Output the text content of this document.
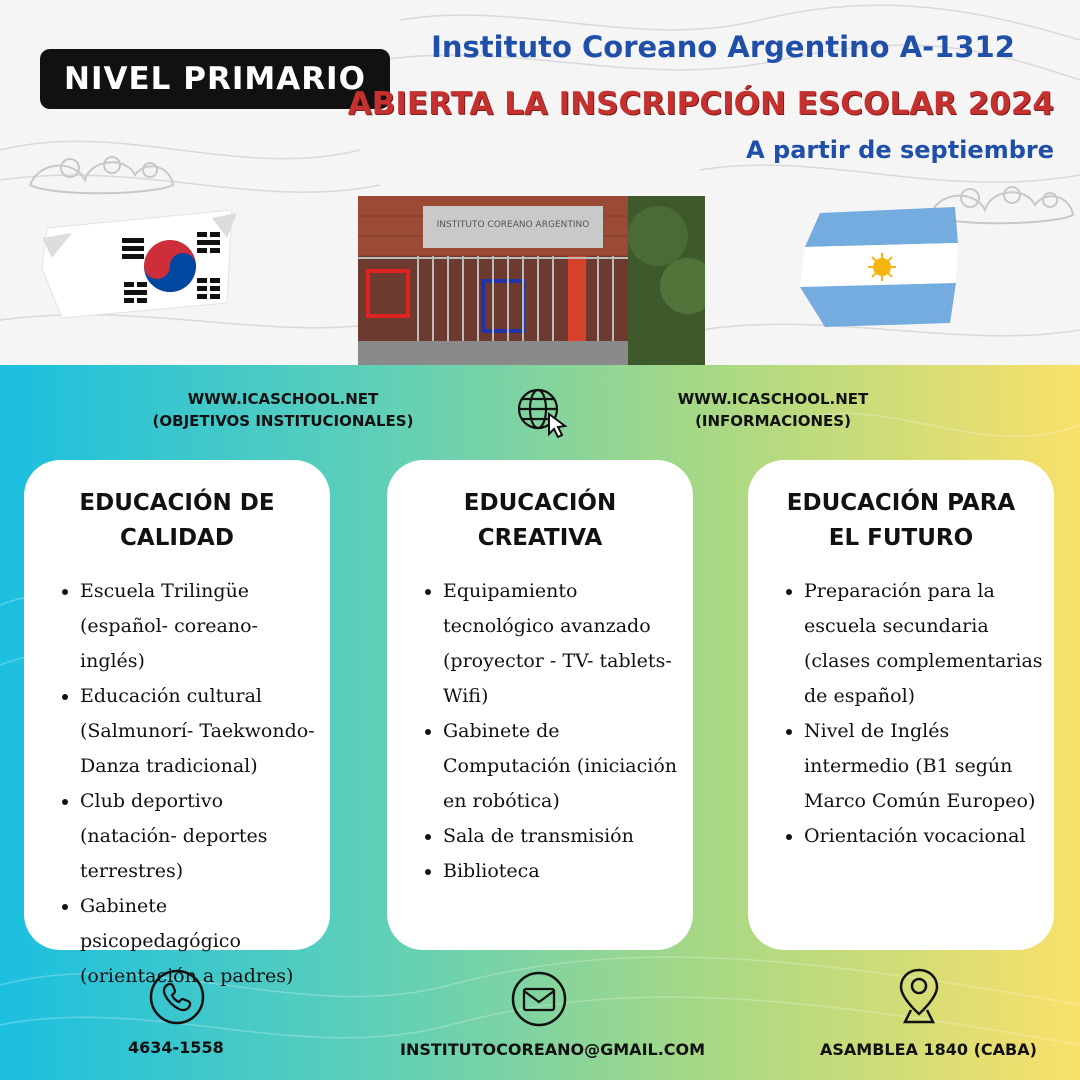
NIVEL PRIMARIO
Instituto Coreano Argentino A-1312
ABIERTA LA INSCRIPCIÓN ESCOLAR 2024
A partir de septiembre
INSTITUTO COREANO ARGENTINO
WWW.ICASCHOOL.NET
(OBJETIVOS INSTITUCIONALES)
WWW.ICASCHOOL.NET
(INFORMACIONES)
EDUCACIÓN DE
CALIDAD
• Escuela Trilingüe (español- coreano- inglés)
• Educación cultural (Salmunorí- Taekwondo- Danza tradicional)
• Club deportivo (natación- deportes terrestres)
• Gabinete psicopedagógico (orientación a padres)
EDUCACIÓN
CREATIVA
• Equipamiento tecnológico avanzado
(proyector - TV- tablets- Wifi)
• Gabinete de Computación (iniciación en robótica)
• Sala de transmisión
• Biblioteca
EDUCACIÓN PARA
EL FUTURO
• Preparación para la escuela secundaria (clases complementarias de español)
• Nivel de Inglés intermedio (B1 según Marco Común Europeo)
• Orientación vocacional
4634-1558	INSTITUTOCOREANO@GMAIL.COM	ASAMBLEA 1840 (CABA)
